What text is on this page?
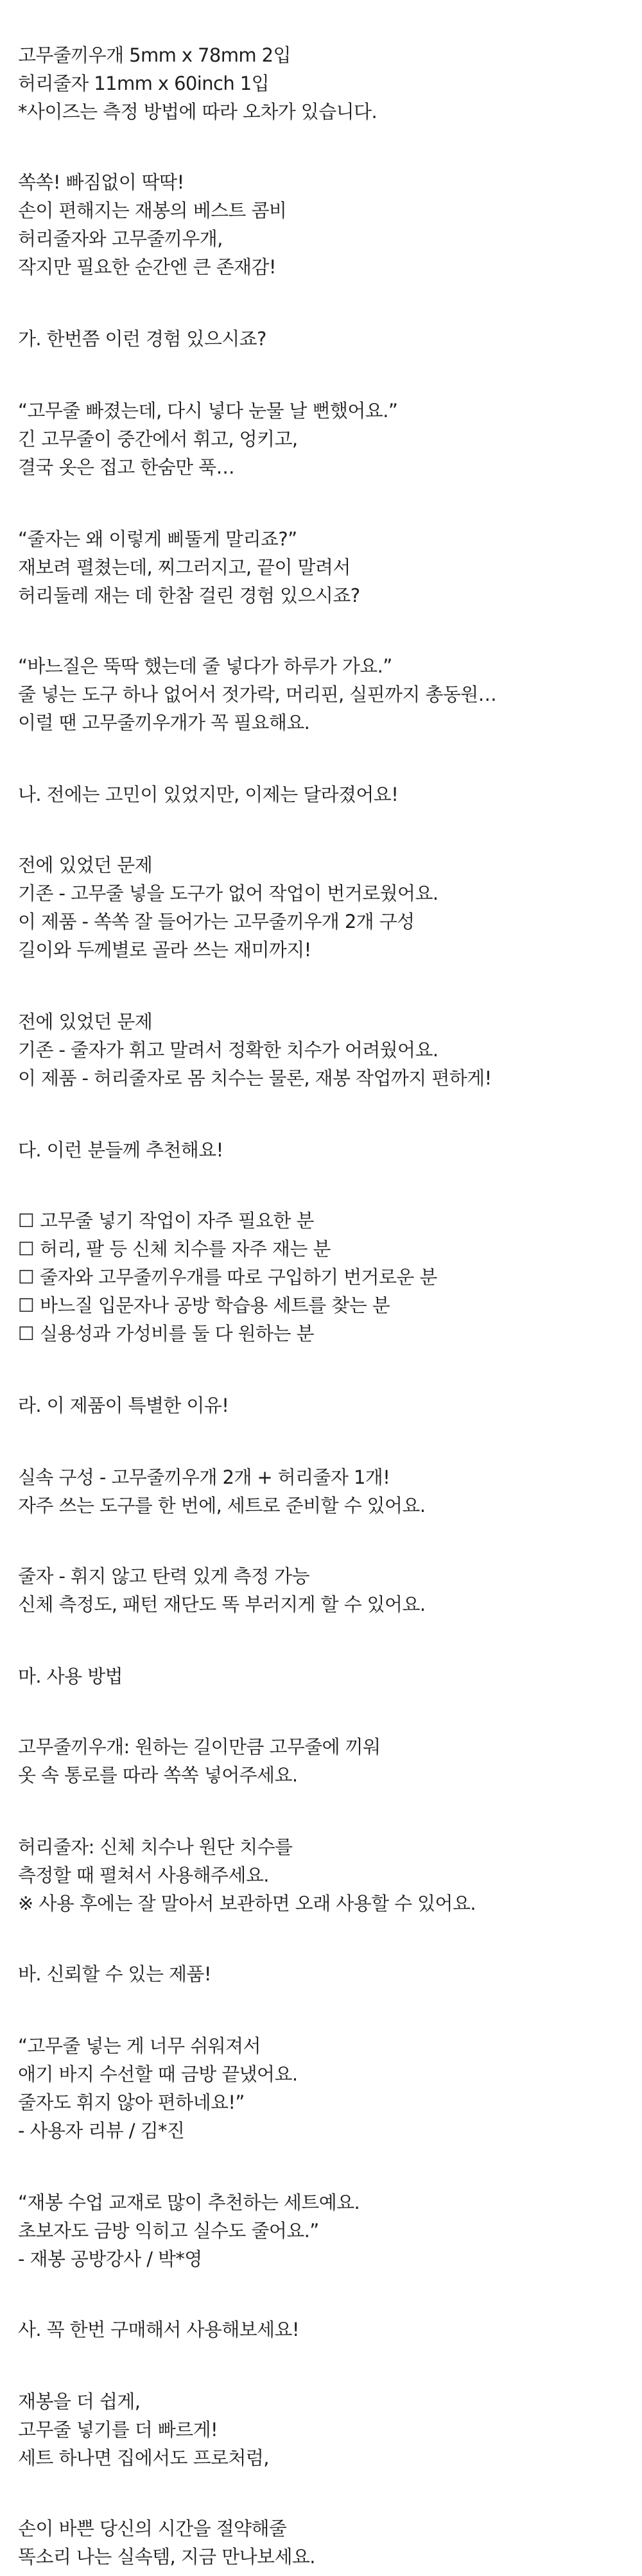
고무줄끼우개 5mm x 78mm 2입
허리줄자 11mm x 60inch 1입
*사이즈는 측정 방법에 따라 오차가 있습니다.
쏙쏙! 빠짐없이 딱딱!
손이 편해지는 재봉의 베스트 콤비
허리줄자와 고무줄끼우개,
작지만 필요한 순간엔 큰 존재감!
가. 한번쯤 이런 경험 있으시죠?
“고무줄 빠졌는데, 다시 넣다 눈물 날 뻔했어요.”
긴 고무줄이 중간에서 휘고, 엉키고,
결국 옷은 접고 한숨만 푹…
“줄자는 왜 이렇게 삐뚤게 말리죠?”
재보려 펼쳤는데, 찌그러지고, 끝이 말려서
허리둘레 재는 데 한참 걸린 경험 있으시죠?
“바느질은 뚝딱 했는데 줄 넣다가 하루가 가요.”
줄 넣는 도구 하나 없어서 젓가락, 머리핀, 실핀까지 총동원…
이럴 땐 고무줄끼우개가 꼭 필요해요.
나. 전에는 고민이 있었지만, 이제는 달라졌어요!
전에 있었던 문제
기존 - 고무줄 넣을 도구가 없어 작업이 번거로웠어요.
이 제품 - 쏙쏙 잘 들어가는 고무줄끼우개 2개 구성
길이와 두께별로 골라 쓰는 재미까지!
전에 있었던 문제
기존 - 줄자가 휘고 말려서 정확한 치수가 어려웠어요.
이 제품 - 허리줄자로 몸 치수는 물론, 재봉 작업까지 편하게!
다. 이런 분들께 추천해요!
☐ 고무줄 넣기 작업이 자주 필요한 분
☐ 허리, 팔 등 신체 치수를 자주 재는 분
☐ 줄자와 고무줄끼우개를 따로 구입하기 번거로운 분
☐ 바느질 입문자나 공방 학습용 세트를 찾는 분
☐ 실용성과 가성비를 둘 다 원하는 분
라. 이 제품이 특별한 이유!
실속 구성 - 고무줄끼우개 2개 + 허리줄자 1개!
자주 쓰는 도구를 한 번에, 세트로 준비할 수 있어요.
줄자 - 휘지 않고 탄력 있게 측정 가능
신체 측정도, 패턴 재단도 똑 부러지게 할 수 있어요.
마. 사용 방법
고무줄끼우개: 원하는 길이만큼 고무줄에 끼워
옷 속 통로를 따라 쏙쏙 넣어주세요.
허리줄자: 신체 치수나 원단 치수를
측정할 때 펼쳐서 사용해주세요.
※ 사용 후에는 잘 말아서 보관하면 오래 사용할 수 있어요.
바. 신뢰할 수 있는 제품!
“고무줄 넣는 게 너무 쉬워져서
애기 바지 수선할 때 금방 끝냈어요.
줄자도 휘지 않아 편하네요!”
- 사용자 리뷰 / 김*진
“재봉 수업 교재로 많이 추천하는 세트예요.
초보자도 금방 익히고 실수도 줄어요.”
- 재봉 공방강사 / 박*영
사. 꼭 한번 구매해서 사용해보세요!
재봉을 더 쉽게,
고무줄 넣기를 더 빠르게!
세트 하나면 집에서도 프로처럼,
손이 바쁜 당신의 시간을 절약해줄
똑소리 나는 실속템, 지금 만나보세요.
